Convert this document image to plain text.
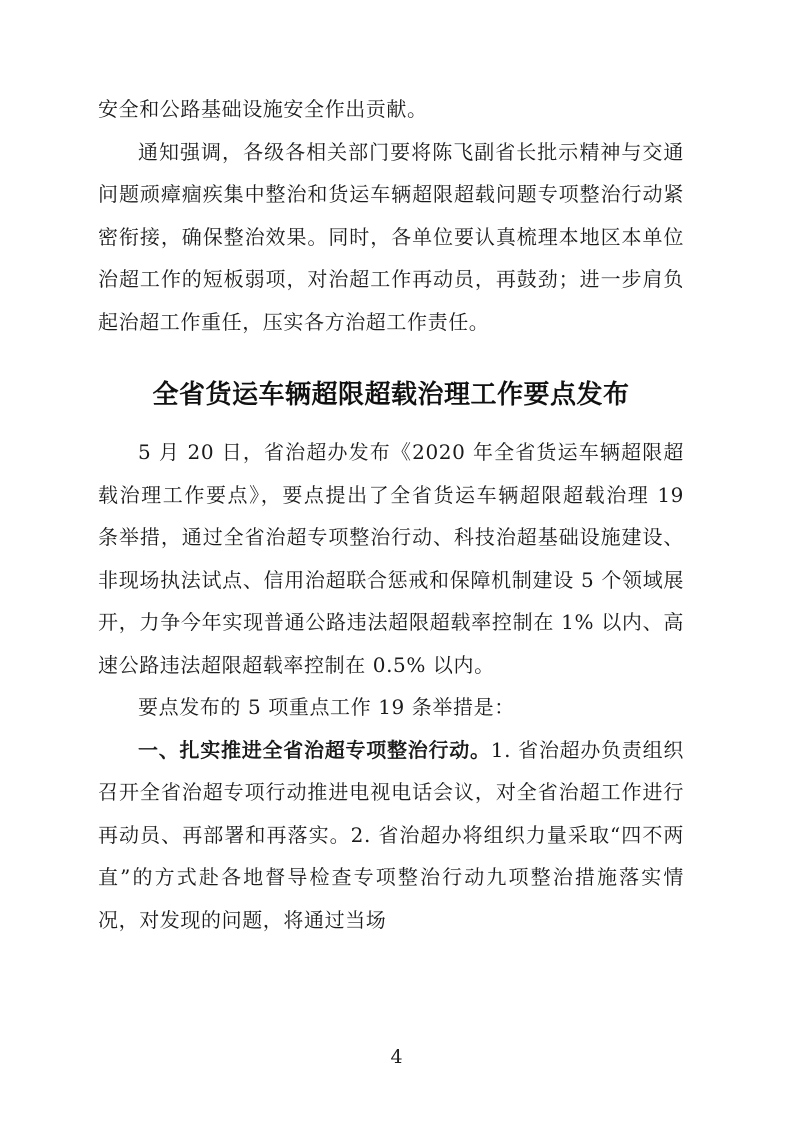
安全和公路基础设施安全作出贡献。

通知强调，各级各相关部门要将陈飞副省长批示精神与交通问题顽瘴痼疾集中整治和货运车辆超限超载问题专项整治行动紧密衔接，确保整治效果。同时，各单位要认真梳理本地区本单位治超工作的短板弱项，对治超工作再动员，再鼓劲；进一步肩负起治超工作重任，压实各方治超工作责任。

全省货运车辆超限超载治理工作要点发布

5 月 20 日，省治超办发布《2020 年全省货运车辆超限超载治理工作要点》，要点提出了全省货运车辆超限超载治理 19 条举措，通过全省治超专项整治行动、科技治超基础设施建设、非现场执法试点、信用治超联合惩戒和保障机制建设 5 个领域展开，力争今年实现普通公路违法超限超载率控制在 1% 以内、高速公路违法超限超载率控制在 0.5% 以内。

要点发布的 5 项重点工作 19 条举措是：

一、扎实推进全省治超专项整治行动。1. 省治超办负责组织召开全省治超专项行动推进电视电话会议，对全省治超工作进行再动员、再部署和再落实。2. 省治超办将组织力量采取“四不两直”的方式赴各地督导检查专项整治行动九项整治措施落实情况，对发现的问题，将通过当场

4
